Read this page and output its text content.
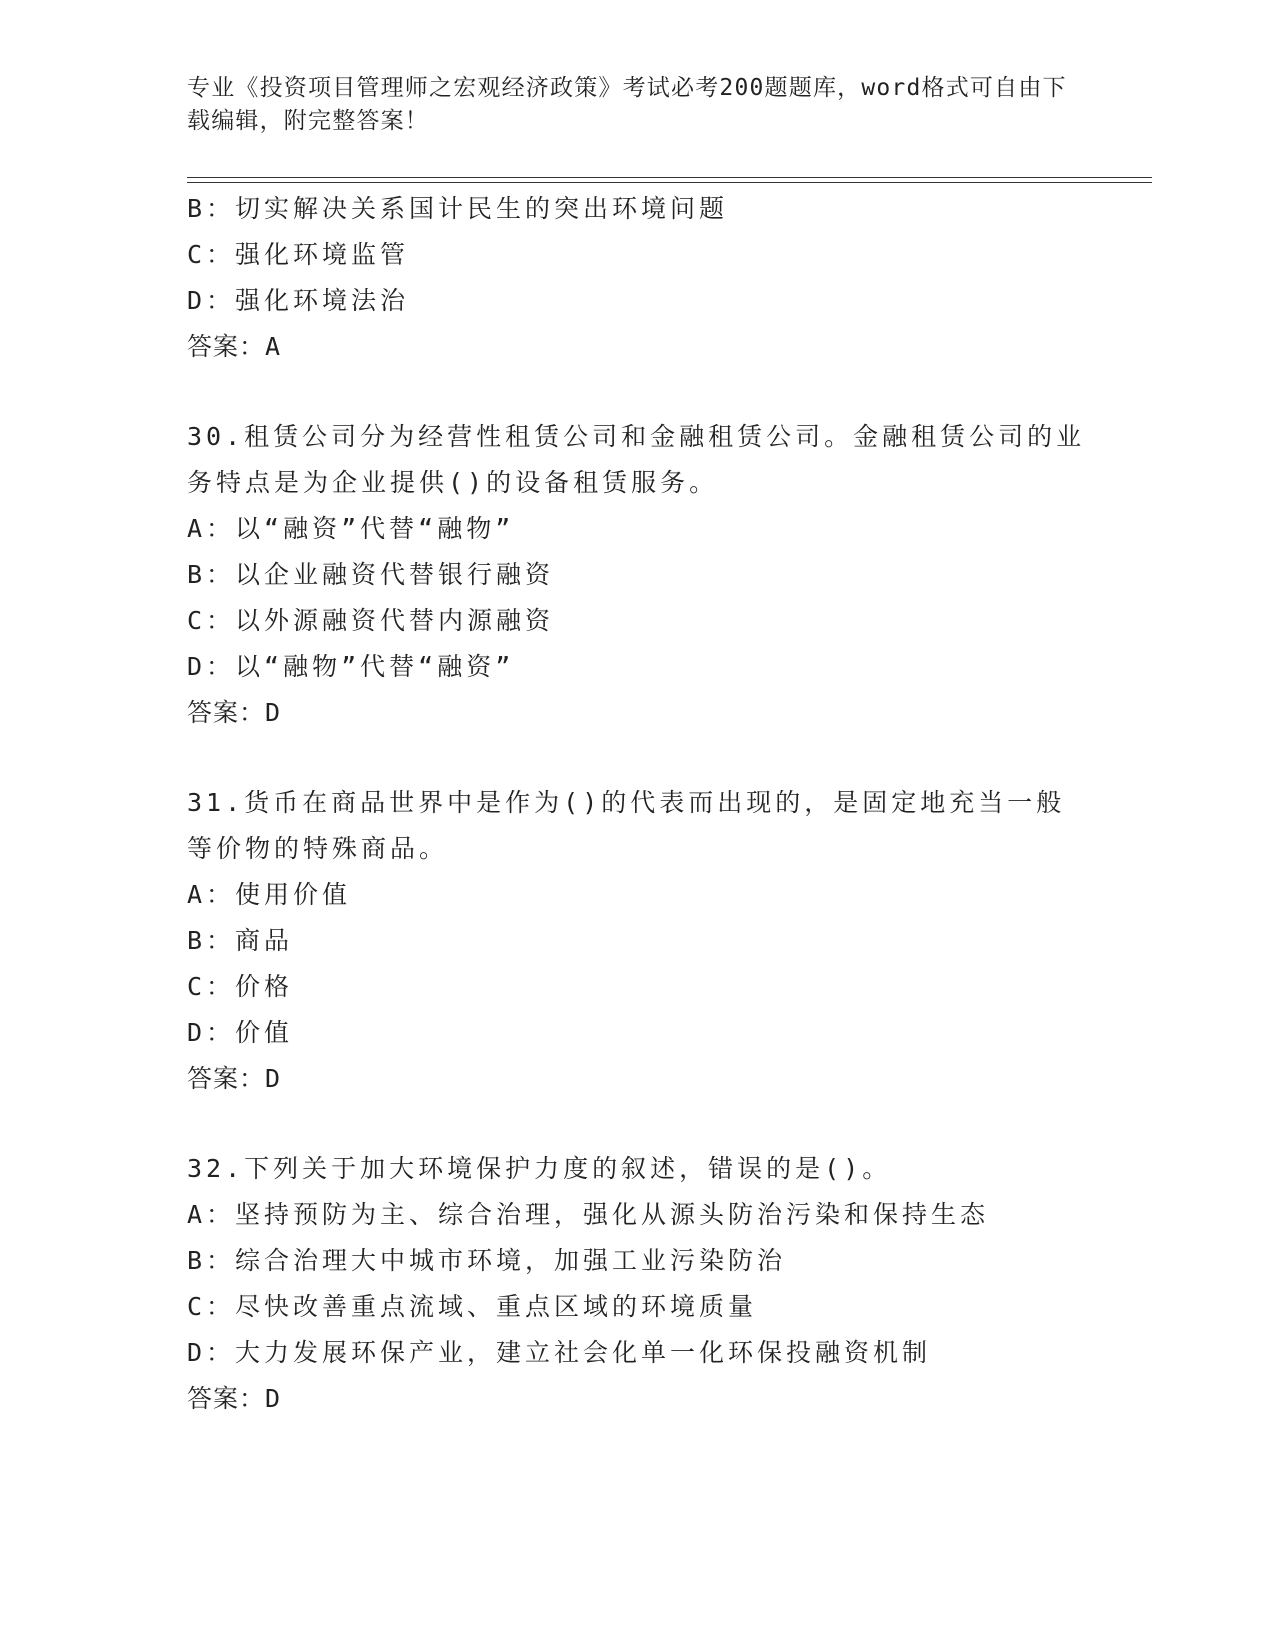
专业《投资项目管理师之宏观经济政策》考试必考200题题库，word格式可自由下载编辑，附完整答案！
B：切实解决关系国计民生的突出环境问题
C：强化环境监管
D：强化环境法治
答案：A
30.租赁公司分为经营性租赁公司和金融租赁公司。金融租赁公司的业务特点是为企业提供()的设备租赁服务。
A：以“融资”代替“融物”
B：以企业融资代替银行融资
C：以外源融资代替内源融资
D：以“融物”代替“融资”
答案：D
31.货币在商品世界中是作为()的代表而出现的，是固定地充当一般等价物的特殊商品。
A：使用价值
B：商品
C：价格
D：价值
答案：D
32.下列关于加大环境保护力度的叙述，错误的是()。
A：坚持预防为主、综合治理，强化从源头防治污染和保持生态
B：综合治理大中城市环境，加强工业污染防治
C：尽快改善重点流域、重点区域的环境质量
D：大力发展环保产业，建立社会化单一化环保投融资机制
答案：D
